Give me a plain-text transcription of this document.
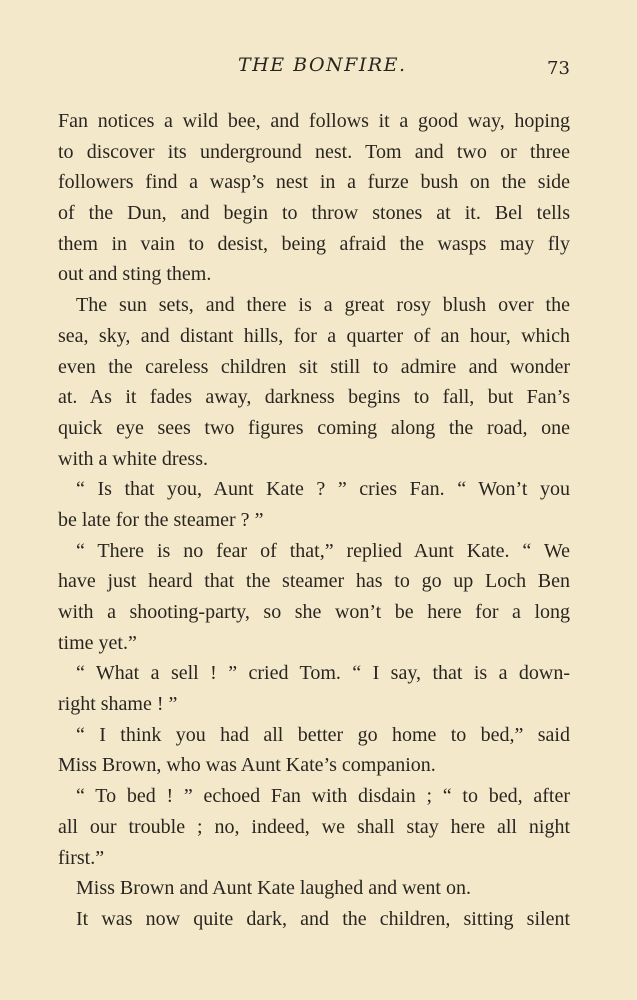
THE BONFIRE.	73
Fan notices a wild bee, and follows it a good way, hoping
to discover its underground nest. Tom and two or three
followers find a wasp’s nest in a furze bush on the side
of the Dun, and begin to throw stones at it. Bel tells
them in vain to desist, being afraid the wasps may fly
out and sting them.
The sun sets, and there is a great rosy blush over the
sea, sky, and distant hills, for a quarter of an hour, which
even the careless children sit still to admire and wonder
at. As it fades away, darkness begins to fall, but Fan’s
quick eye sees two figures coming along the road, one
with a white dress.
“ Is that you, Aunt Kate ? ” cries Fan. “ Won’t you
be late for the steamer ? ”
“ There is no fear of that,” replied Aunt Kate. “ We
have just heard that the steamer has to go up Loch Ben
with a shooting-party, so she won’t be here for a long
time yet.”
“ What a sell ! ” cried Tom. “ I say, that is a down-
right shame ! ”
“ I think you had all better go home to bed,” said
Miss Brown, who was Aunt Kate’s companion.
“ To bed ! ” echoed Fan with disdain ; “ to bed, after
all our trouble ; no, indeed, we shall stay here all night
first.”
Miss Brown and Aunt Kate laughed and went on.
It was now quite dark, and the children, sitting silent
